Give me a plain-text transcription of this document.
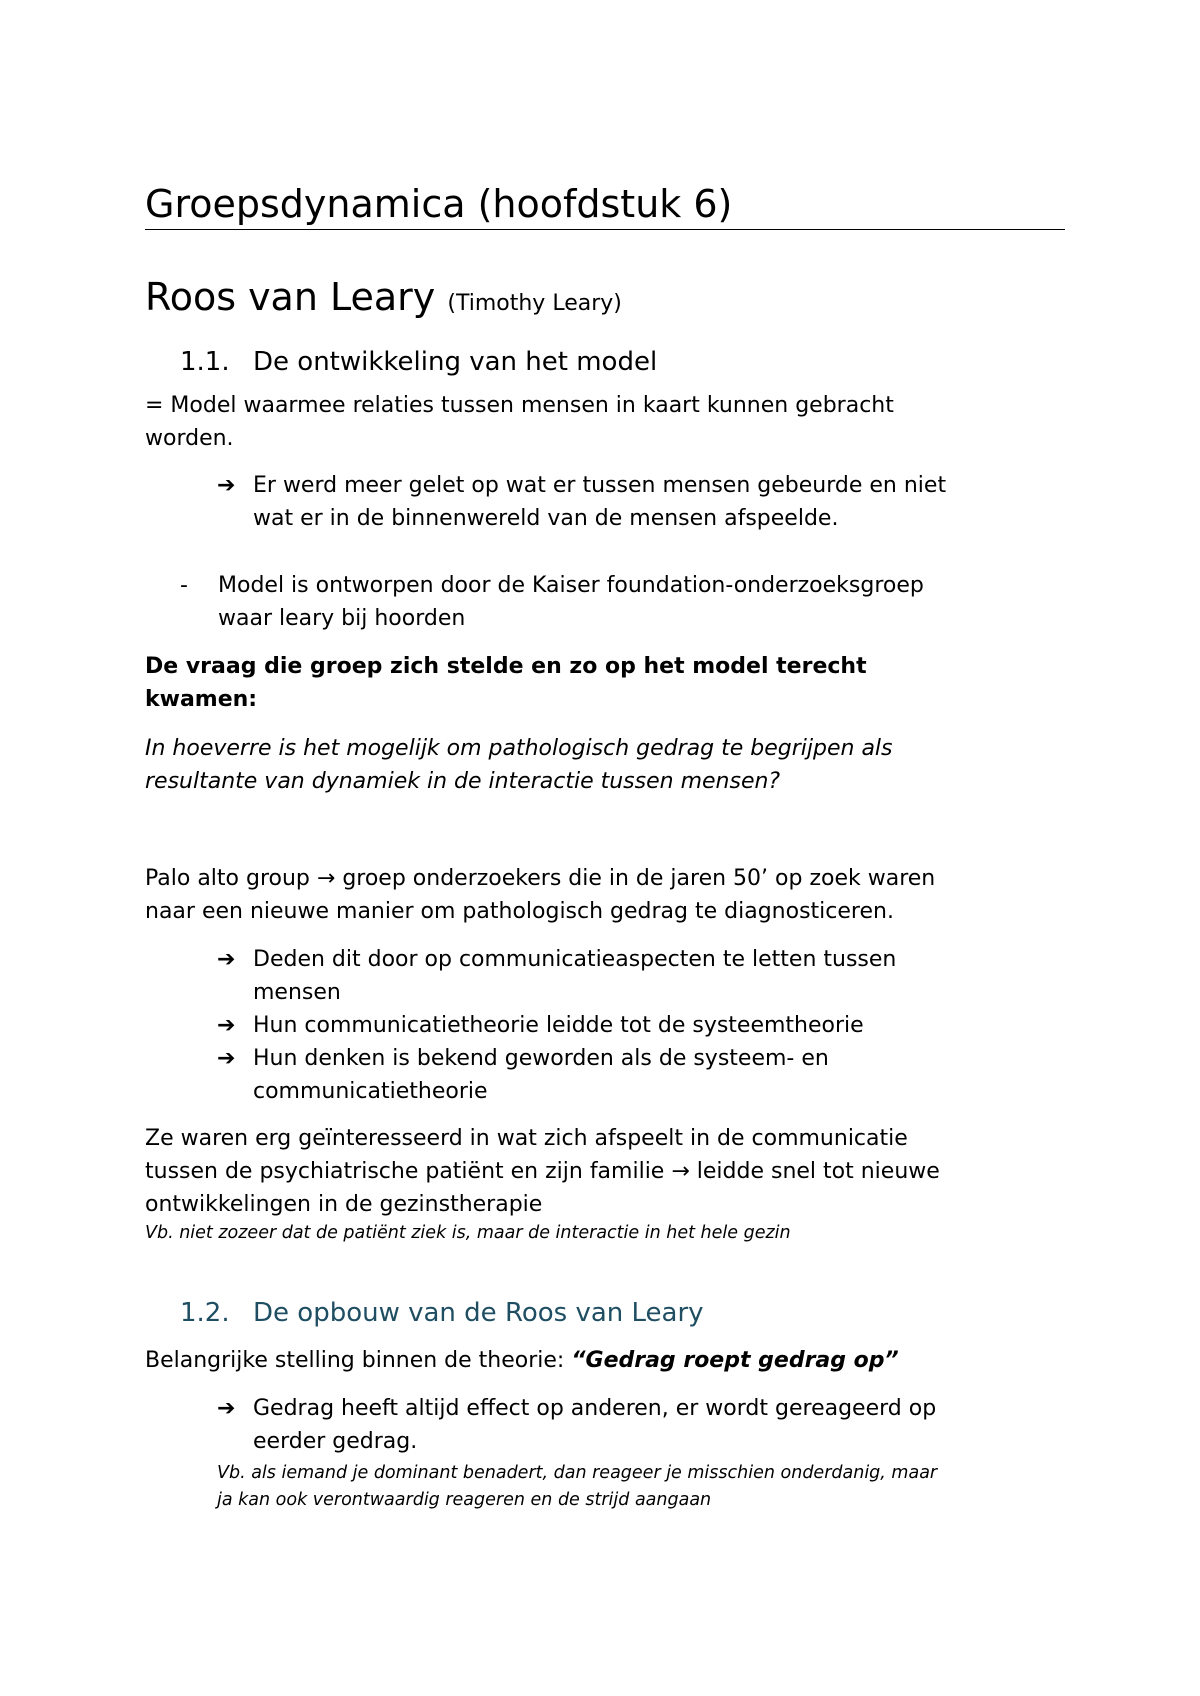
Groepsdynamica (hoofdstuk 6)
Roos van Leary (Timothy Leary)
1.1. De ontwikkeling van het model
= Model waarmee relaties tussen mensen in kaart kunnen gebracht
worden.
➔ Er werd meer gelet op wat er tussen mensen gebeurde en niet
wat er in de binnenwereld van de mensen afspeelde.
- Model is ontworpen door de Kaiser foundation-onderzoeksgroep
waar leary bij hoorden
De vraag die groep zich stelde en zo op het model terecht
kwamen:
In hoeverre is het mogelijk om pathologisch gedrag te begrijpen als
resultante van dynamiek in de interactie tussen mensen?
Palo alto group → groep onderzoekers die in de jaren 50’ op zoek waren
naar een nieuwe manier om pathologisch gedrag te diagnosticeren.
➔ Deden dit door op communicatieaspecten te letten tussen
mensen
➔ Hun communicatietheorie leidde tot de systeemtheorie
➔ Hun denken is bekend geworden als de systeem- en
communicatietheorie
Ze waren erg geïnteresseerd in wat zich afspeelt in de communicatie
tussen de psychiatrische patiënt en zijn familie → leidde snel tot nieuwe
ontwikkelingen in de gezinstherapie
Vb. niet zozeer dat de patiënt ziek is, maar de interactie in het hele gezin
1.2. De opbouw van de Roos van Leary
Belangrijke stelling binnen de theorie: “Gedrag roept gedrag op”
➔ Gedrag heeft altijd effect op anderen, er wordt gereageerd op
eerder gedrag.
Vb. als iemand je dominant benadert, dan reageer je misschien onderdanig, maar
ja kan ook verontwaardig reageren en de strijd aangaan
